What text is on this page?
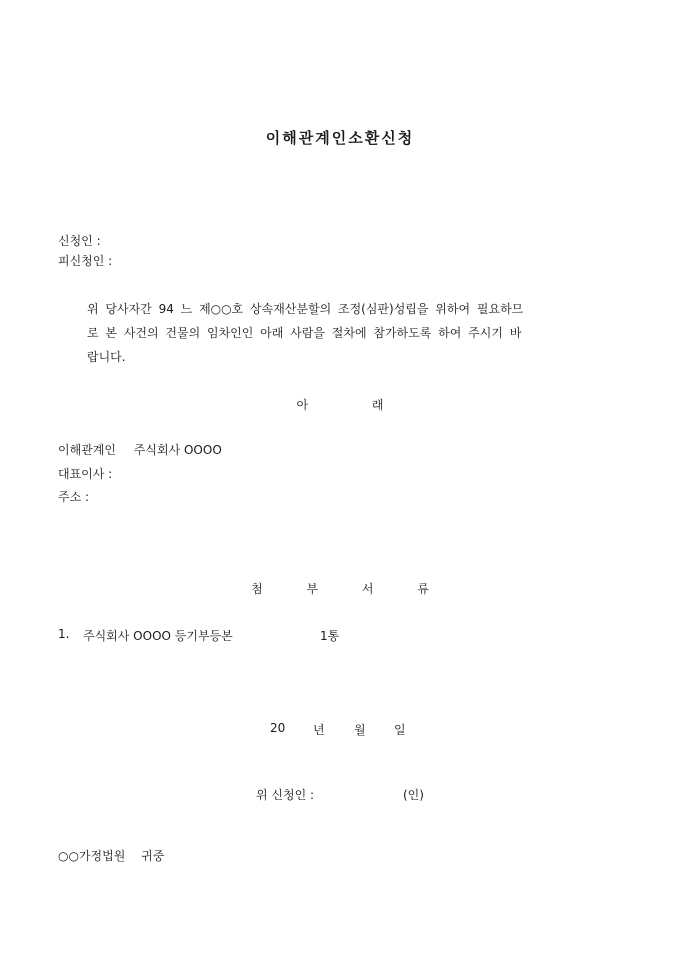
이해관계인소환신청
신청인 :
피신청인 :
위 당사자간 94 느 제○○호 상속재산분할의 조정(심판)성립을 위하여 필요하므
로 본 사건의 건물의 임차인인 아래 사람을 절차에 참가하도록 하여 주시기 바
랍니다.
아 래
이해관계인 주식회사 OOOO
대표이사 :
주소 :
첨 부 서 류
1. 주식회사 OOOO 등기부등본	1통
20 년 월 일
위 신청인 :	(인)
○○가정법원 귀중
